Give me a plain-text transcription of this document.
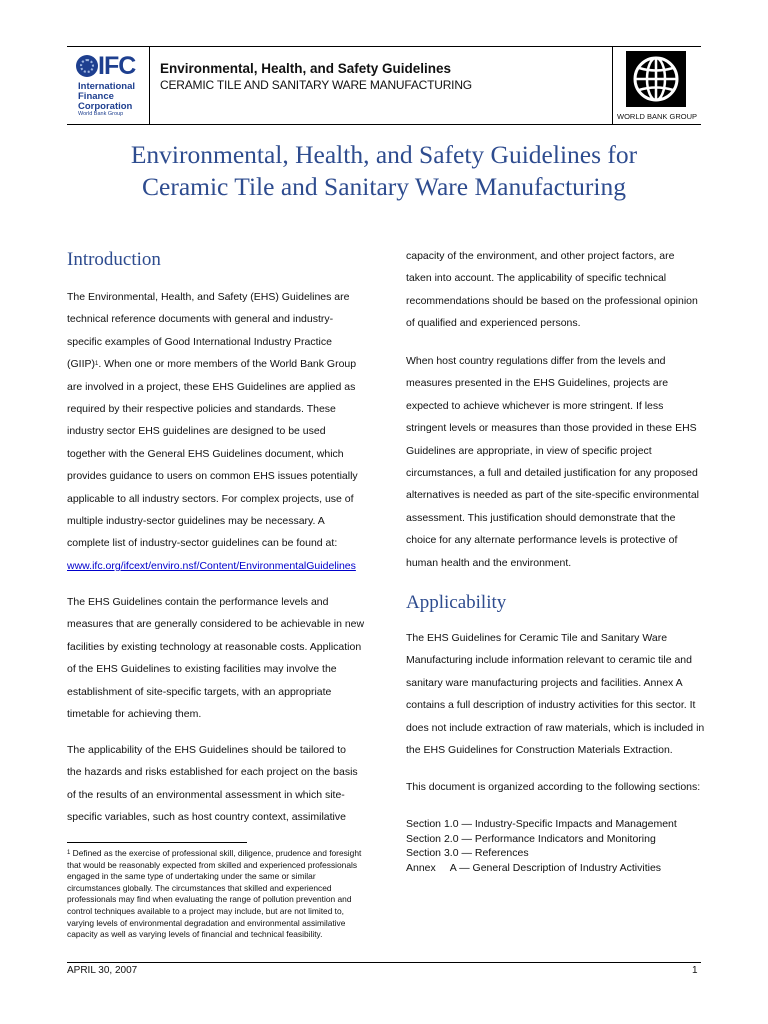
IFC
International
Finance
Corporation
World Bank Group
Environmental, Health, and Safety Guidelines
CERAMIC TILE AND SANITARY WARE MANUFACTURING
WORLD BANK GROUP
Environmental, Health, and Safety Guidelines for
Ceramic Tile and Sanitary Ware Manufacturing
Introduction
The Environmental, Health, and Safety (EHS) Guidelines are
technical reference documents with general and industry-
specific examples of Good International Industry Practice
(GIIP)$^1$. When one or more members of the World Bank Group
are involved in a project, these EHS Guidelines are applied as
required by their respective policies and standards. These
industry sector EHS guidelines are designed to be used
together with the General EHS Guidelines document, which
provides guidance to users on common EHS issues potentially
applicable to all industry sectors. For complex projects, use of
multiple industry-sector guidelines may be necessary. A
complete list of industry-sector guidelines can be found at:
www.ifc.org/ifcext/enviro.nsf/Content/EnvironmentalGuidelines
The EHS Guidelines contain the performance levels and
measures that are generally considered to be achievable in new
facilities by existing technology at reasonable costs. Application
of the EHS Guidelines to existing facilities may involve the
establishment of site-specific targets, with an appropriate
timetable for achieving them.
The applicability of the EHS Guidelines should be tailored to
the hazards and risks established for each project on the basis
of the results of an environmental assessment in which site-
specific variables, such as host country context, assimilative
$^1$ Defined as the exercise of professional skill, diligence, prudence and foresight
that would be reasonably expected from skilled and experienced professionals
engaged in the same type of undertaking under the same or similar
circumstances globally. The circumstances that skilled and experienced
professionals may find when evaluating the range of pollution prevention and
control techniques available to a project may include, but are not limited to,
varying levels of environmental degradation and environmental assimilative
capacity as well as varying levels of financial and technical feasibility.
capacity of the environment, and other project factors, are
taken into account. The applicability of specific technical
recommendations should be based on the professional opinion
of qualified and experienced persons.
When host country regulations differ from the levels and
measures presented in the EHS Guidelines, projects are
expected to achieve whichever is more stringent. If less
stringent levels or measures than those provided in these EHS
Guidelines are appropriate, in view of specific project
circumstances, a full and detailed justification for any proposed
alternatives is needed as part of the site-specific environmental
assessment. This justification should demonstrate that the
choice for any alternate performance levels is protective of
human health and the environment.
Applicability
The EHS Guidelines for Ceramic Tile and Sanitary Ware
Manufacturing include information relevant to ceramic tile and
sanitary ware manufacturing projects and facilities. Annex A
contains a full description of industry activities for this sector. It
does not include extraction of raw materials, which is included in
the EHS Guidelines for Construction Materials Extraction.
This document is organized according to the following sections:
Section 1.0 — Industry-Specific Impacts and Management
Section 2.0 — Performance Indicators and Monitoring
Section 3.0 — References
Annex     A — General Description of Industry Activities
APRIL 30, 2007	1
